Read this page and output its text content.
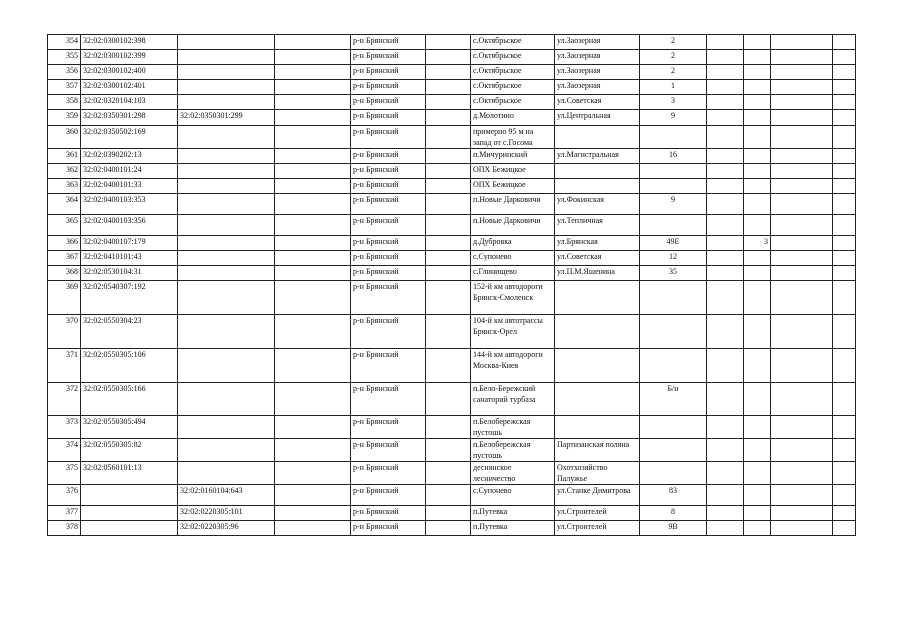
354	32:02:0300102:398			р-н Брянский		с.Октябрьское	ул.Заозерная	2				
355	32:02:0300102:399			р-н Брянский		с.Октябрьское	ул.Заозерная	2				
356	32:02:0300102:400			р-н Брянский		с.Октябрьское	ул.Заозерная	2				
357	32:02:0300102:401			р-н Брянский		с.Октябрьское	ул.Заозерная	1				
358	32:02:0320104:103			р-н Брянский		с.Октябрьское	ул.Советская	3				
359	32:02:0350301:298	32:02:0350301:299		р-н Брянский		д.Молотино	ул.Центральная	9				
360	32:02:0350502:169			р-н Брянский		примерно 95 м на запад от с.Госома						
361	32:02:0390202:13			р-н Брянский		п.Мичуринский	ул.Магистральная	16				
362	32:02:0400101:24			р-н Брянский		ОПХ Бежицкое						
363	32:02:0400101:33			р-н Брянский		ОПХ Бежицкое						
364	32:02:0400103:353			р-н Брянский		п.Новые Дарковичи	ул.Фокинская	9				
365	32:02:0400103:356			р-н Брянский		п.Новые Дарковичи	ул.Тепличная					
366	32:02:0400107:179			р-н Брянский		д.Дубровка	ул.Брянская	49Е		3		
367	32:02:0410101:43			р-н Брянский		с.Супонево	ул.Советская	12				
368	32:02:0530104:31			р-н Брянский		с.Глинищево	ул.П.М.Яшенина	35				
369	32:02:0540307:192			р-н Брянский		152-й км автодороги Брянск-Смоленск						
370	32:02:0550304:23			р-н Брянский		104-й км автотрассы Брянск-Орел						
371	32:02:0550305:106			р-н Брянский		144-й км автодороги Москва-Киев						
372	32:02:0550305:166			р-н Брянский		п.Бело-Бережский санаторий турбаза		Б/н				
373	32:02:0550305:494			р-н Брянский		п.Белобережская пустошь						
374	32:02:0550305:82			р-н Брянский		п.Белобережская пустошь	Партизанская поляна					
375	32:02:0560101:13			р-н Брянский		деснянское лесничество	Охотхозяйство Палужье					
376		32:02:0160104:643		р-н Брянский		с.Супонево	ул.Станке Димитрова	83				
377		32:02:0220305:101		р-н Брянский		п.Путевка	ул.Строителей	8				
378		32:02:0220305:96		р-н Брянский		п.Путевка	ул.Строителей	9В				
